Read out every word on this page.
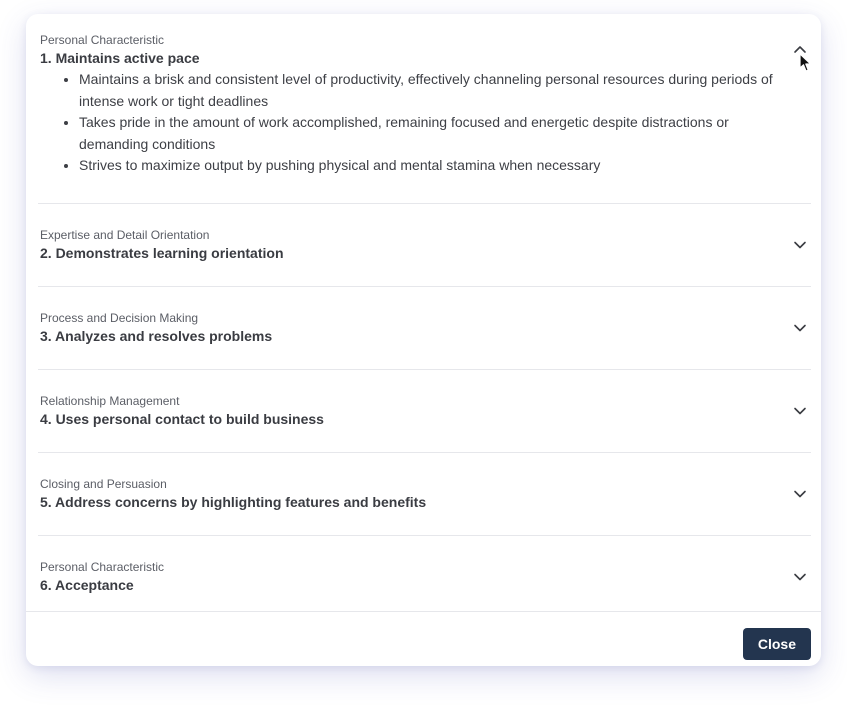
Personal Characteristic
1. Maintains active pace
• Maintains a brisk and consistent level of productivity, effectively channeling personal resources during periods of intense work or tight deadlines
• Takes pride in the amount of work accomplished, remaining focused and energetic despite distractions or demanding conditions
• Strives to maximize output by pushing physical and mental stamina when necessary
Expertise and Detail Orientation
2. Demonstrates learning orientation
Process and Decision Making
3. Analyzes and resolves problems
Relationship Management
4. Uses personal contact to build business
Closing and Persuasion
5. Address concerns by highlighting features and benefits
Personal Characteristic
6. Acceptance
Close
